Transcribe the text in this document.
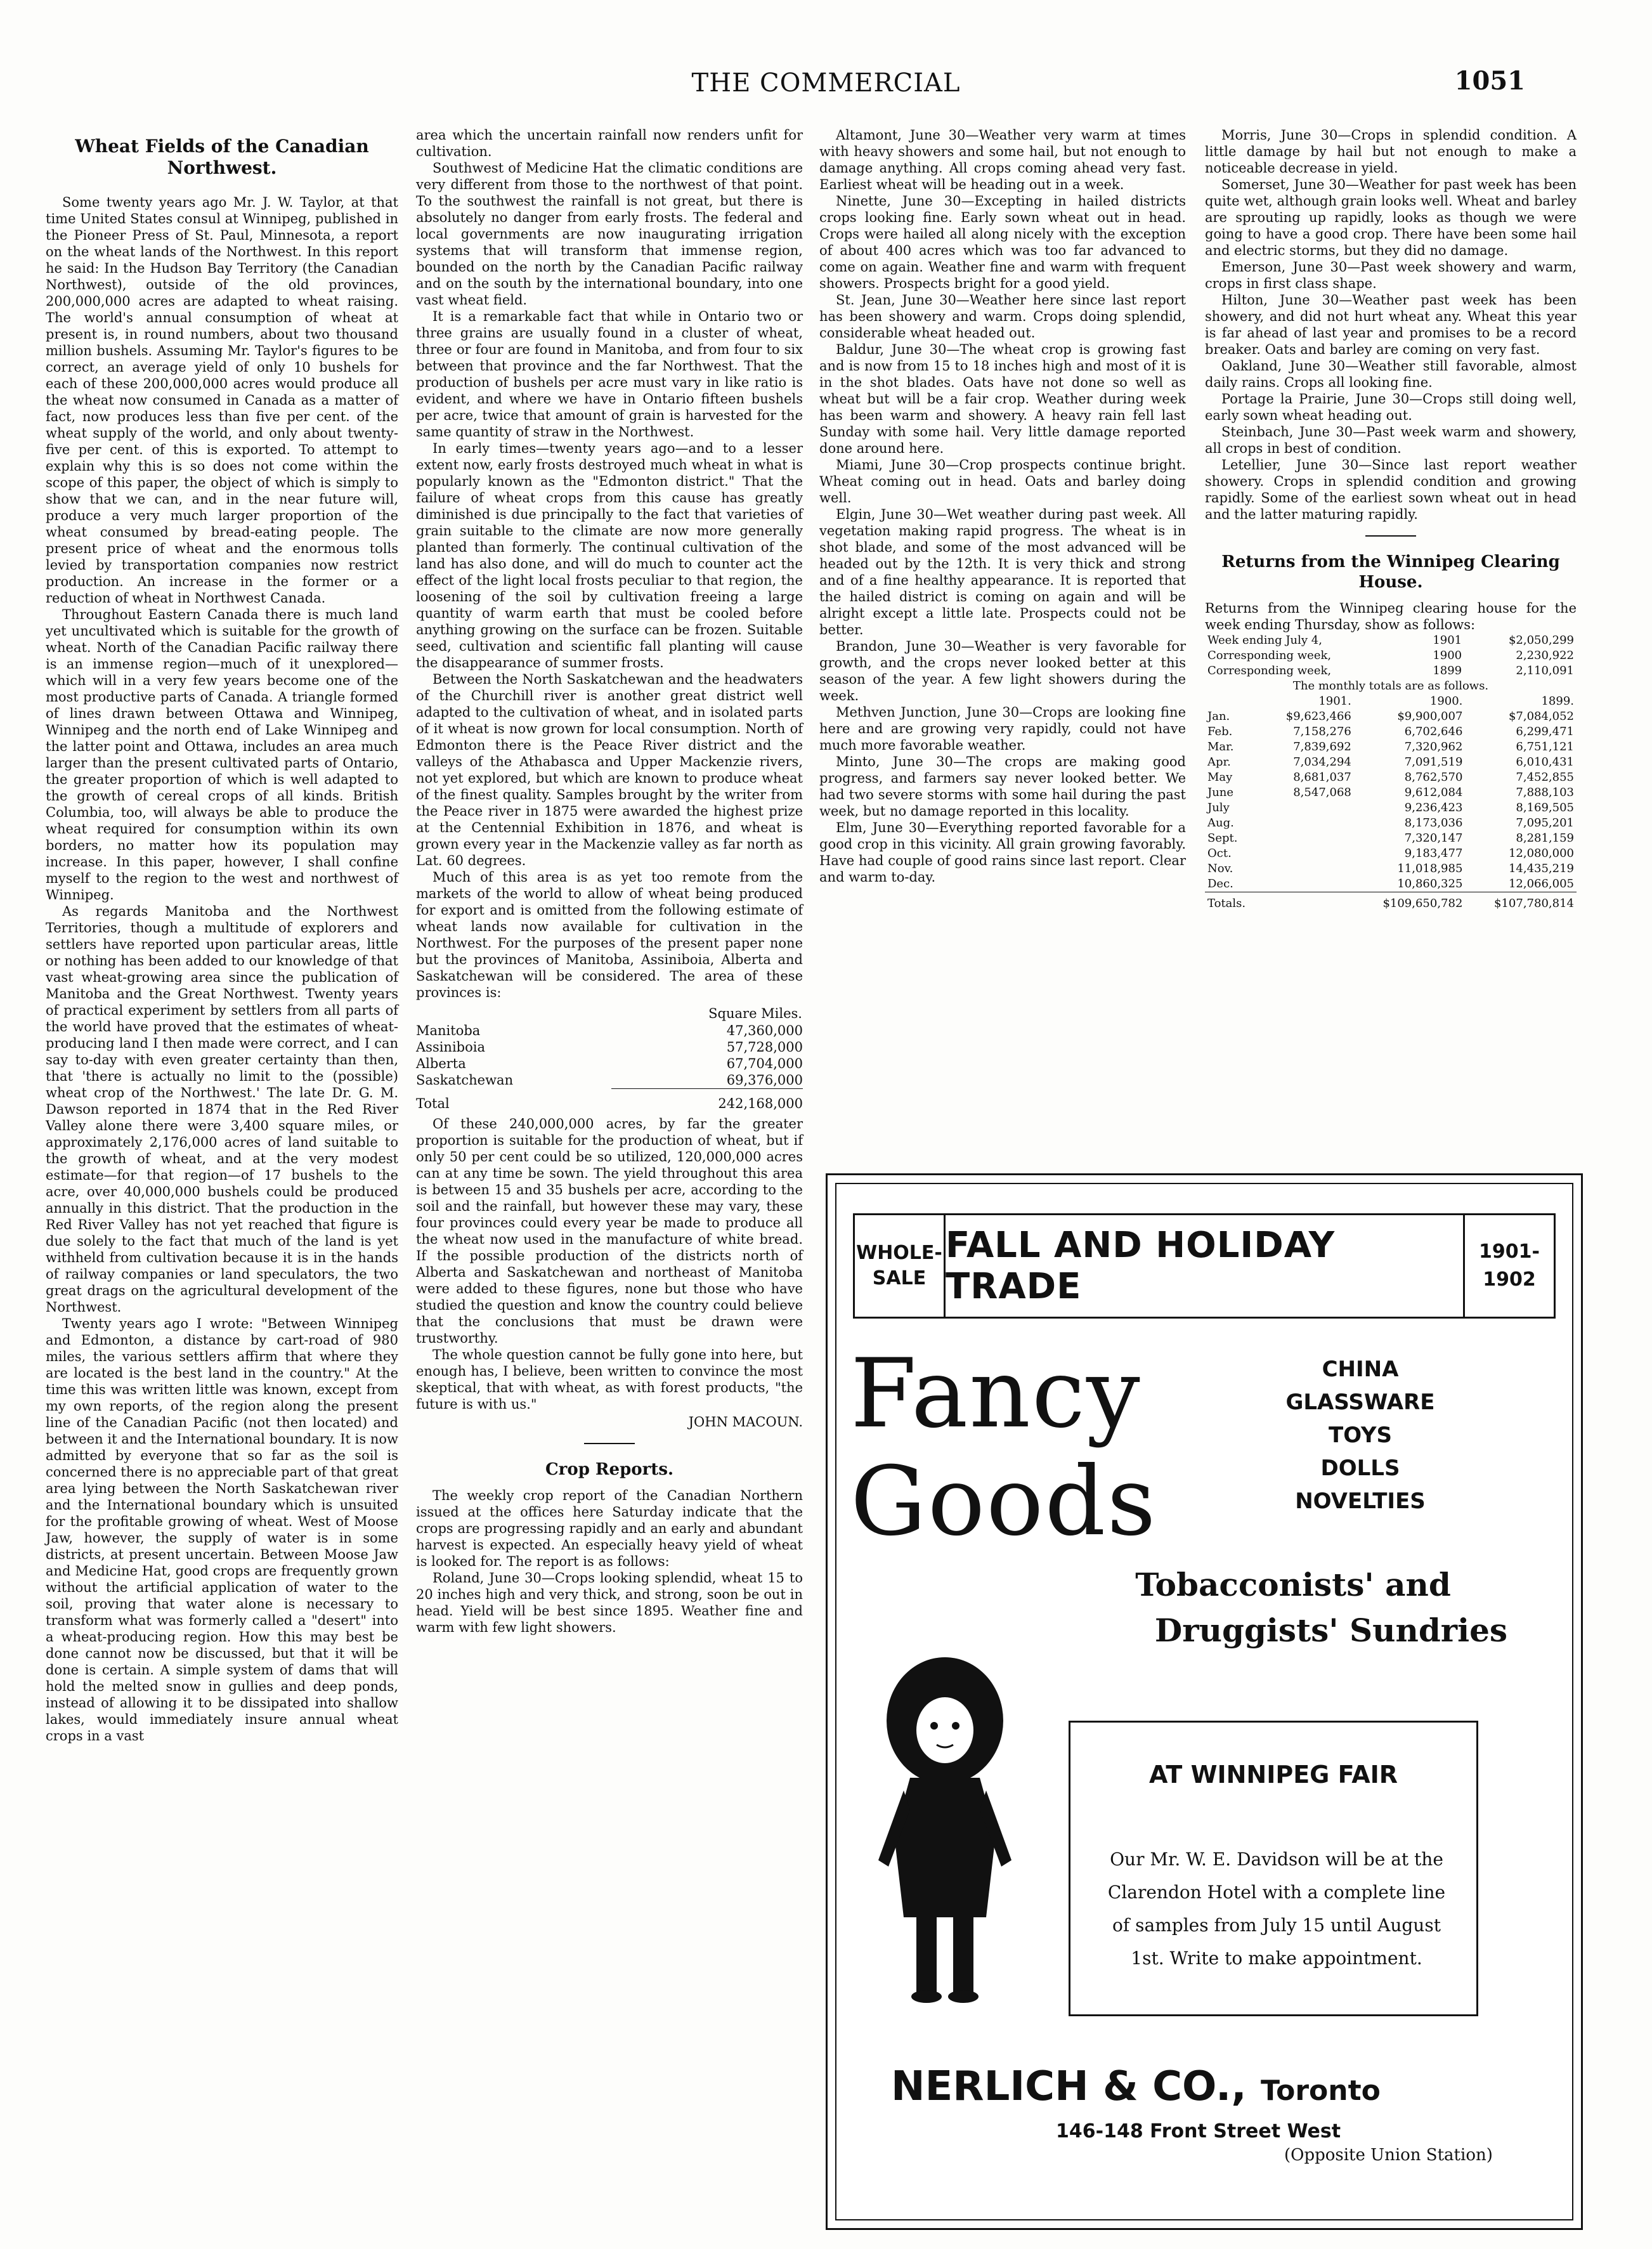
THE COMMERCIAL	1051
Wheat Fields of the Canadian Northwest.

Some twenty years ago Mr. J. W. Taylor, at that time United States consul at Winnipeg, published in the Pioneer Press of St. Paul, Minnesota, a report on the wheat lands of the Northwest. In this report he said: In the Hudson Bay Territory (the Canadian Northwest), outside of the old provinces, 200,000,000 acres are adapted to wheat raising. The world's annual consumption of wheat at present is, in round numbers, about two thousand million bushels. Assuming Mr. Taylor's figures to be correct, an average yield of only 10 bushels for each of these 200,000,000 acres would produce all the wheat now consumed in Canada as a matter of fact, now produces less than five per cent. of the wheat supply of the world, and only about twenty-five per cent. of this is exported. To attempt to explain why this is so does not come within the scope of this paper, the object of which is simply to show that we can, and in the near future will, produce a very much larger proportion of the wheat consumed by bread-eating people. The present price of wheat and the enormous tolls levied by transportation companies now restrict production. An increase in the former or a reduction of wheat in Northwest Canada.

Throughout Eastern Canada there is much land yet uncultivated which is suitable for the growth of wheat. North of the Canadian Pacific railway there is an immense region—much of it unexplored—which will in a very few years become one of the most productive parts of Canada. A triangle formed of lines drawn between Ottawa and Winnipeg, Winnipeg and the north end of Lake Winnipeg and the latter point and Ottawa, includes an area much larger than the present cultivated parts of Ontario, the greater proportion of which is well adapted to the growth of cereal crops of all kinds. British Columbia, too, will always be able to produce the wheat required for consumption within its own borders, no matter how its population may increase. In this paper, however, I shall confine myself to the region to the west and northwest of Winnipeg.

As regards Manitoba and the Northwest Territories, though a multitude of explorers and settlers have reported upon particular areas, little or nothing has been added to our knowledge of that vast wheat-growing area since the publication of Manitoba and the Great Northwest. Twenty years of practical experiment by settlers from all parts of the world have proved that the estimates of wheat-producing land I then made were correct, and I can say to-day with even greater certainty than then, that 'there is actually no limit to the (possible) wheat crop of the Northwest.' The late Dr. G. M. Dawson reported in 1874 that in the Red River Valley alone there were 3,400 square miles, or approximately 2,176,000 acres of land suitable to the growth of wheat, and at the very modest estimate—for that region—of 17 bushels to the acre, over 40,000,000 bushels could be produced annually in this district. That the production in the Red River Valley has not yet reached that figure is due solely to the fact that much of the land is yet withheld from cultivation because it is in the hands of railway companies or land speculators, the two great drags on the agricultural development of the Northwest.

Twenty years ago I wrote: "Between Winnipeg and Edmonton, a distance by cart-road of 980 miles, the various settlers affirm that where they are located is the best land in the country." At the time this was written little was known, except from my own reports, of the region along the present line of the Canadian Pacific (not then located) and between it and the International boundary. It is now admitted by everyone that so far as the soil is concerned there is no appreciable part of that great area lying between the North Saskatchewan river and the International boundary which is unsuited for the profitable growing of wheat. West of Moose Jaw, however, the supply of water is in some districts, at present uncertain. Between Moose Jaw and Medicine Hat, good crops are frequently grown without the artificial application of water to the soil, proving that water alone is necessary to transform what was formerly called a "desert" into a wheat-producing region. How this may best be done cannot now be discussed, but that it will be done is certain. A simple system of dams that will hold the melted snow in gullies and deep ponds, instead of allowing it to be dissipated into shallow lakes, would immediately insure annual wheat crops in a vast

area which the uncertain rainfall now renders unfit for cultivation.

Southwest of Medicine Hat the climatic conditions are very different from those to the northwest of that point. To the southwest the rainfall is not great, but there is absolutely no danger from early frosts. The federal and local governments are now inaugurating irrigation systems that will transform that immense region, bounded on the north by the Canadian Pacific railway and on the south by the international boundary, into one vast wheat field.

It is a remarkable fact that while in Ontario two or three grains are usually found in a cluster of wheat, three or four are found in Manitoba, and from four to six between that province and the far Northwest. That the production of bushels per acre must vary in like ratio is evident, and where we have in Ontario fifteen bushels per acre, twice that amount of grain is harvested for the same quantity of straw in the Northwest.

In early times—twenty years ago—and to a lesser extent now, early frosts destroyed much wheat in what is popularly known as the "Edmonton district." That the failure of wheat crops from this cause has greatly diminished is due principally to the fact that varieties of grain suitable to the climate are now more generally planted than formerly. The continual cultivation of the land has also done, and will do much to counter act the effect of the light local frosts peculiar to that region, the loosening of the soil by cultivation freeing a large quantity of warm earth that must be cooled before anything growing on the surface can be frozen. Suitable seed, cultivation and scientific fall planting will cause the disappearance of summer frosts.

Between the North Saskatchewan and the headwaters of the Churchill river is another great district well adapted to the cultivation of wheat, and in isolated parts of it wheat is now grown for local consumption. North of Edmonton there is the Peace River district and the valleys of the Athabasca and Upper Mackenzie rivers, not yet explored, but which are known to produce wheat of the finest quality. Samples brought by the writer from the Peace river in 1875 were awarded the highest prize at the Centennial Exhibition in 1876, and wheat is grown every year in the Mackenzie valley as far north as Lat. 60 degrees.

Much of this area is as yet too remote from the markets of the world to allow of wheat being produced for export and is omitted from the following estimate of wheat lands now available for cultivation in the Northwest. For the purposes of the present paper none but the provinces of Manitoba, Assiniboia, Alberta and Saskatchewan will be considered. The area of these provinces is:

	Square Miles.
Manitoba	47,360,000
Assiniboia	57,728,000
Alberta	67,704,000
Saskatchewan	69,376,000
Total	242,168,000

Of these 240,000,000 acres, by far the greater proportion is suitable for the production of wheat, but if only 50 per cent could be so utilized, 120,000,000 acres can at any time be sown. The yield throughout this area is between 15 and 35 bushels per acre, according to the soil and the rainfall, but however these may vary, these four provinces could every year be made to produce all the wheat now used in the manufacture of white bread. If the possible production of the districts north of Alberta and Saskatchewan and northeast of Manitoba were added to these figures, none but those who have studied the question and know the country could believe that the conclusions that must be drawn were trustworthy.

The whole question cannot be fully gone into here, but enough has, I believe, been written to convince the most skeptical, that with wheat, as with forest products, "the future is with us."

JOHN MACOUN.
Crop Reports.

The weekly crop report of the Canadian Northern issued at the offices here Saturday indicate that the crops are progressing rapidly and an early and abundant harvest is expected. An especially heavy yield of wheat is looked for. The report is as follows:

Roland, June 30—Crops looking splendid, wheat 15 to 20 inches high and very thick, and strong, soon be out in head. Yield will be best since 1895. Weather fine and warm with few light showers.

Altamont, June 30—Weather very warm at times with heavy showers and some hail, but not enough to damage anything. All crops coming ahead very fast. Earliest wheat will be heading out in a week.

Ninette, June 30—Excepting in hailed districts crops looking fine. Early sown wheat out in head. Crops were hailed all along nicely with the exception of about 400 acres which was too far advanced to come on again. Weather fine and warm with frequent showers. Prospects bright for a good yield.

St. Jean, June 30—Weather here since last report has been showery and warm. Crops doing splendid, considerable wheat headed out.

Baldur, June 30—The wheat crop is growing fast and is now from 15 to 18 inches high and most of it is in the shot blades. Oats have not done so well as wheat but will be a fair crop. Weather during week has been warm and showery. A heavy rain fell last Sunday with some hail. Very little damage reported done around here.

Miami, June 30—Crop prospects continue bright. Wheat coming out in head. Oats and barley doing well.

Elgin, June 30—Wet weather during past week. All vegetation making rapid progress. The wheat is in shot blade, and some of the most advanced will be headed out by the 12th. It is very thick and strong and of a fine healthy appearance. It is reported that the hailed district is coming on again and will be alright except a little late. Prospects could not be better.

Brandon, June 30—Weather is very favorable for growth, and the crops never looked better at this season of the year. A few light showers during the week.

Methven Junction, June 30—Crops are looking fine here and are growing very rapidly, could not have much more favorable weather.

Minto, June 30—The crops are making good progress, and farmers say never looked better. We had two severe storms with some hail during the past week, but no damage reported in this locality.

Elm, June 30—Everything reported favorable for a good crop in this vicinity. All grain growing favorably. Have had couple of good rains since last report. Clear and warm to-day.

Morris, June 30—Crops in splendid condition. A little damage by hail but not enough to make a noticeable decrease in yield.

Somerset, June 30—Weather for past week has been quite wet, although grain looks well. Wheat and barley are sprouting up rapidly, looks as though we were going to have a good crop. There have been some hail and electric storms, but they did no damage.

Emerson, June 30—Past week showery and warm, crops in first class shape.

Hilton, June 30—Weather past week has been showery, and did not hurt wheat any. Wheat this year is far ahead of last year and promises to be a record breaker. Oats and barley are coming on very fast.

Oakland, June 30—Weather still favorable, almost daily rains. Crops all looking fine.

Portage la Prairie, June 30—Crops still doing well, early sown wheat heading out.

Steinbach, June 30—Past week warm and showery, all crops in best of condition.

Letellier, June 30—Since last report weather showery. Crops in splendid condition and growing rapidly. Some of the earliest sown wheat out in head and the latter maturing rapidly.

Returns from the Winnipeg Clearing House.
Returns from the Winnipeg clearing house for the week ending Thursday, show as follows:
Week ending July 4,	1901	$2,050,299
Corresponding week,	1900	2,230,922
Corresponding week,	1899	2,110,091
The monthly totals are as follows.
	1901.	1900.	1899.
Jan.	$9,623,466	$9,900,007	$7,084,052
Feb.	7,158,276	6,702,646	6,299,471
Mar.	7,839,692	7,320,962	6,751,121
Apr.	7,034,294	7,091,519	6,010,431
May	8,681,037	8,762,570	7,452,855
June	8,547,068	9,612,084	7,888,103
July		9,236,423	8,169,505
Aug.		8,173,036	7,095,201
Sept.		7,320,147	8,281,159
Oct.		9,183,477	12,080,000
Nov.		11,018,985	14,435,219
Dec.		10,860,325	12,066,005
Totals.		$109,650,782	$107,780,814
WHOLE-
SALE
FALL AND HOLIDAY TRADE
1901-
1902
Fancy
Goods
CHINA
GLASSWARE
TOYS
DOLLS
NOVELTIES
Tobacconists' and
Druggists' Sundries
AT WINNIPEG FAIR
Our Mr. W. E. Davidson will be at the
Clarendon Hotel with a complete line
of samples from July 15 until August
1st. Write to make appointment.
NERLICH & CO., Toronto
146-148 Front Street West
(Opposite Union Station)
